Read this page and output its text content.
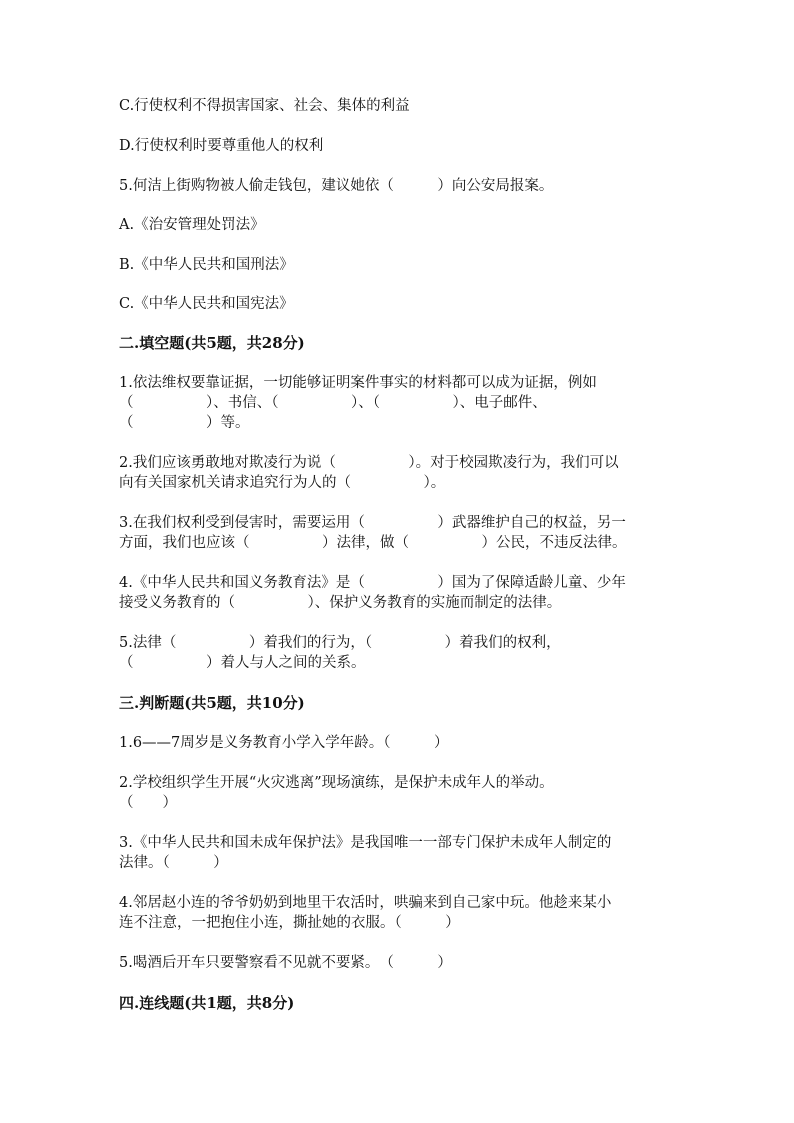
C.行使权利不得损害国家、社会、集体的利益
D.行使权利时要尊重他人的权利
5.何洁上街购物被人偷走钱包，建议她依（　　　）向公安局报案。
A.《治安管理处罚法》
B.《中华人民共和国刑法》
C.《中华人民共和国宪法》
二.填空题(共5题，共28分)
1.依法维权要靠证据，一切能够证明案件事实的材料都可以成为证据，例如
（　　　　　）、书信、（　　　　　）、（　　　　　）、电子邮件、
（　　　　　）等。
2.我们应该勇敢地对欺凌行为说（　　　　　）。对于校园欺凌行为，我们可以
向有关国家机关请求追究行为人的（　　　　　）。
3.在我们权利受到侵害时，需要运用（　　　　　）武器维护自己的权益，另一
方面，我们也应该（　　　　　）法律，做（　　　　　）公民，不违反法律。
4.《中华人民共和国义务教育法》是（　　　　　）国为了保障适龄儿童、少年
接受义务教育的（　　　　　）、保护义务教育的实施而制定的法律。
5.法律（　　　　　）着我们的行为，（　　　　　）着我们的权利，
（　　　　　）着人与人之间的关系。
三.判断题(共5题，共10分)
1.6——7周岁是义务教育小学入学年龄。（　　　）
2.学校组织学生开展“火灾逃离”现场演练，是保护未成年人的举动。
（　　）
3.《中华人民共和国未成年保护法》是我国唯一一部专门保护未成年人制定的
法律。（　　　）
4.邻居赵小连的爷爷奶奶到地里干农活时，哄骗来到自己家中玩。他趁来某小
连不注意，一把抱住小连，撕扯她的衣服。（　　　）
5.喝酒后开车只要警察看不见就不要紧。　（　　　）
四.连线题(共1题，共8分)
